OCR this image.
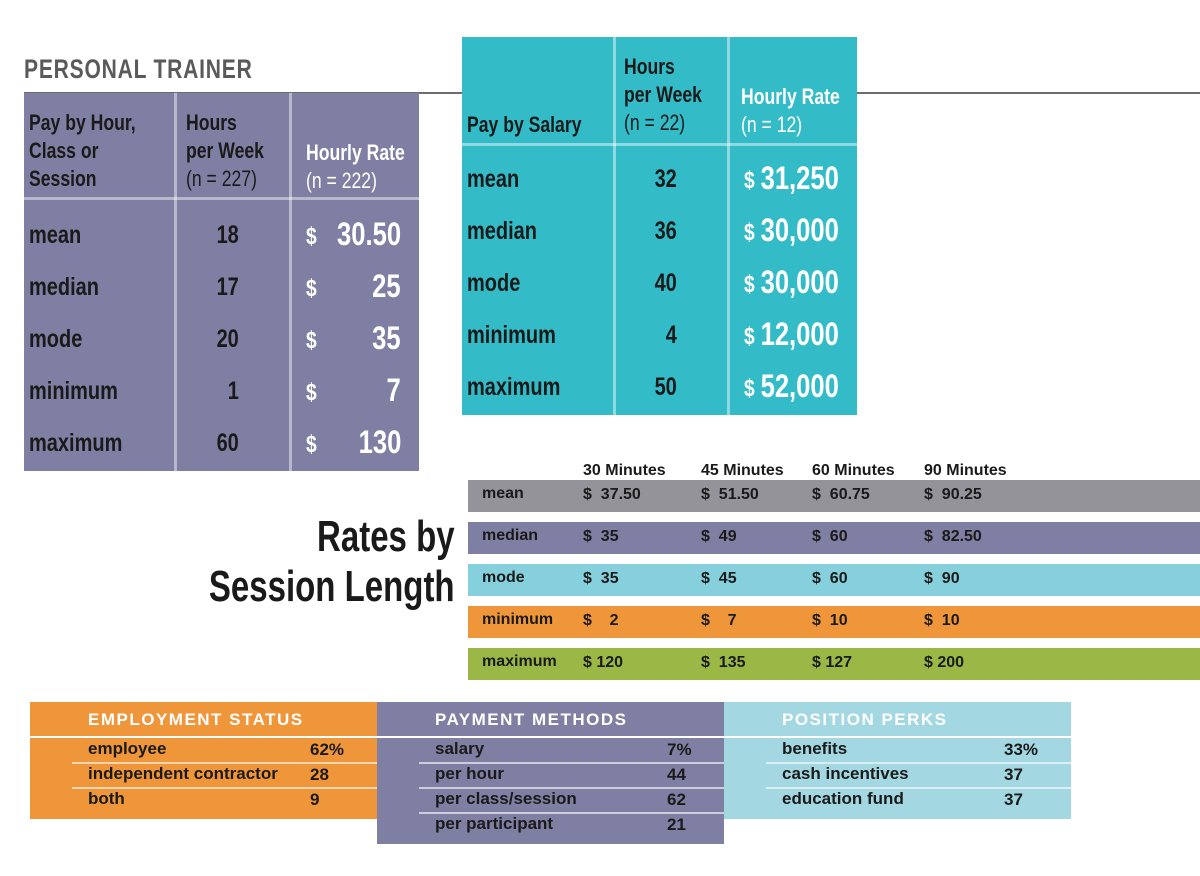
PERSONAL TRAINER
Pay by Hour,
Class or
Session
Hours
per Week
(n = 227)
Hourly Rate
(n = 222)
mean	18	$ 30.50
median	17	$ 25
mode	20	$ 35
minimum	1	$ 7
maximum	60	$ 130
Pay by Salary
Hours
per Week
(n = 22)
Hourly Rate
(n = 12)
mean	32	$ 31,250
median	36	$ 30,000
mode	40	$ 30,000
minimum	4	$ 12,000
maximum	50	$ 52,000
Rates by
Session Length
30 Minutes 45 Minutes 60 Minutes 90 Minutes
mean	$  37.50	$  51.50	$  60.75	$  90.25
median	$  35	$  49	$  60	$  82.50
mode	$  35	$  45	$  60	$  90
minimum $    2	$    7	$  10	$  10
maximum $ 120	$  135	$ 127	$ 200
EMPLOYMENT STATUS
employee	62%
independent contractor 28
both	9
PAYMENT METHODS
salary	7%
per hour	44
per class/session	62
per participant	21
POSITION PERKS
benefits	33%
cash incentives	37
education fund	37
